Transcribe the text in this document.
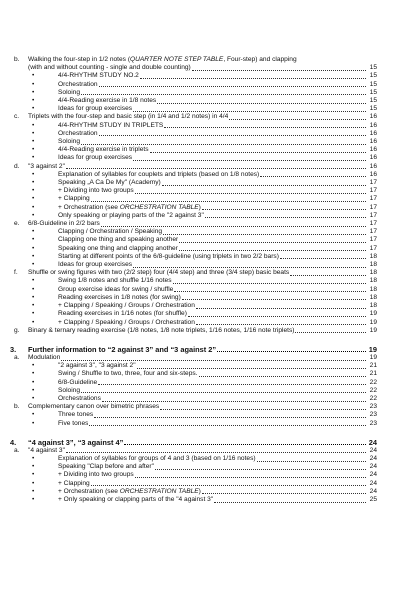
b.	Walking the four-step in 1/2 notes (QUARTER NOTE STEP TABLE, Four-step) and clapping
(with and without counting - single and double counting)	15
•	4/4-RHYTHM STUDY NO.2	15
•	Orchestration	15
•	Soloing	15
•	4/4-Reading exercise in 1/8 notes	15
•	Ideas for group exercises	15
c.	Triplets with the four-step and basic step (in 1/4 and 1/2 notes) in 4/4	16
•	4/4-RHYTHM STUDY IN TRIPLETS	16
•	Orchestration	16
•	Soloing	16
•	4/4-Reading exercise in triplets	16
•	Ideas for group exercises	16
d.	"3 against 2"	16
•	Explanation of syllables for couplets and triplets (based on 1/8 notes)	16
•	Speaking „A Ca De My" (Academy)	17
•	+ Dividing into two groups	17
•	+ Clapping	17
•	+ Orchestration (see ORCHESTRATION TABLE)	17
•	Only speaking or playing parts of the "2 against 3"	17
e.	6/8-Guideline in 2/2 bars	17
•	Clapping / Orchestration / Speaking	17
•	Clapping one thing and speaking another	17
•	Speaking one thing and clapping another	17
•	Starting at different points of the 6/8-guideline (using triplets in two 2/2 bars)	18
•	Ideas for group exercises	18
f.	Shuffle or swing figures with two (2/2 step) four (4/4 step) and three (3/4 step) basic beats	18
•	Swing 1/8 notes and shuffle 1/16 notes	18
•	Group exercise ideas for swing / shuffle	18
•	Reading exercises in 1/8 notes (for swing)	18
•	+ Clapping / Speaking / Groups / Orchestration	18
•	Reading exercises in 1/16 notes (for shuffle)	19
•	+ Clapping / Speaking / Groups / Orchestration	19
g.	Binary & ternary reading exercise (1/8 notes, 1/8 note triplets, 1/16 notes, 1/16 note triplets)	19
3.	Further information to “2 against 3” and “3 against 2”	19
a.	Modulation	19
•	"2 against 3", "3 against 2"	21
•	Swing / Shuffle to two, three, four and six-steps.	21
•	6/8-Guideline	22
•	Soloing	22
•	Orchestrations	22
b.	Complementary canon over bimetric phrases	23
•	Three tones	23
•	Five tones	23
4.	“4 against 3”, “3 against 4”	24
a.	"4 against 3"	24
•	Explanation of syllables for groups of 4 and 3 (based on 1/16 notes)	24
•	Speaking "Clap before and after"	24
•	+ Dividing into two groups	24
•	+ Clapping	24
•	+ Orchestration (see ORCHESTRATION TABLE)	24
•	+ Only speaking or clapping parts of the "4 against 3"	25
